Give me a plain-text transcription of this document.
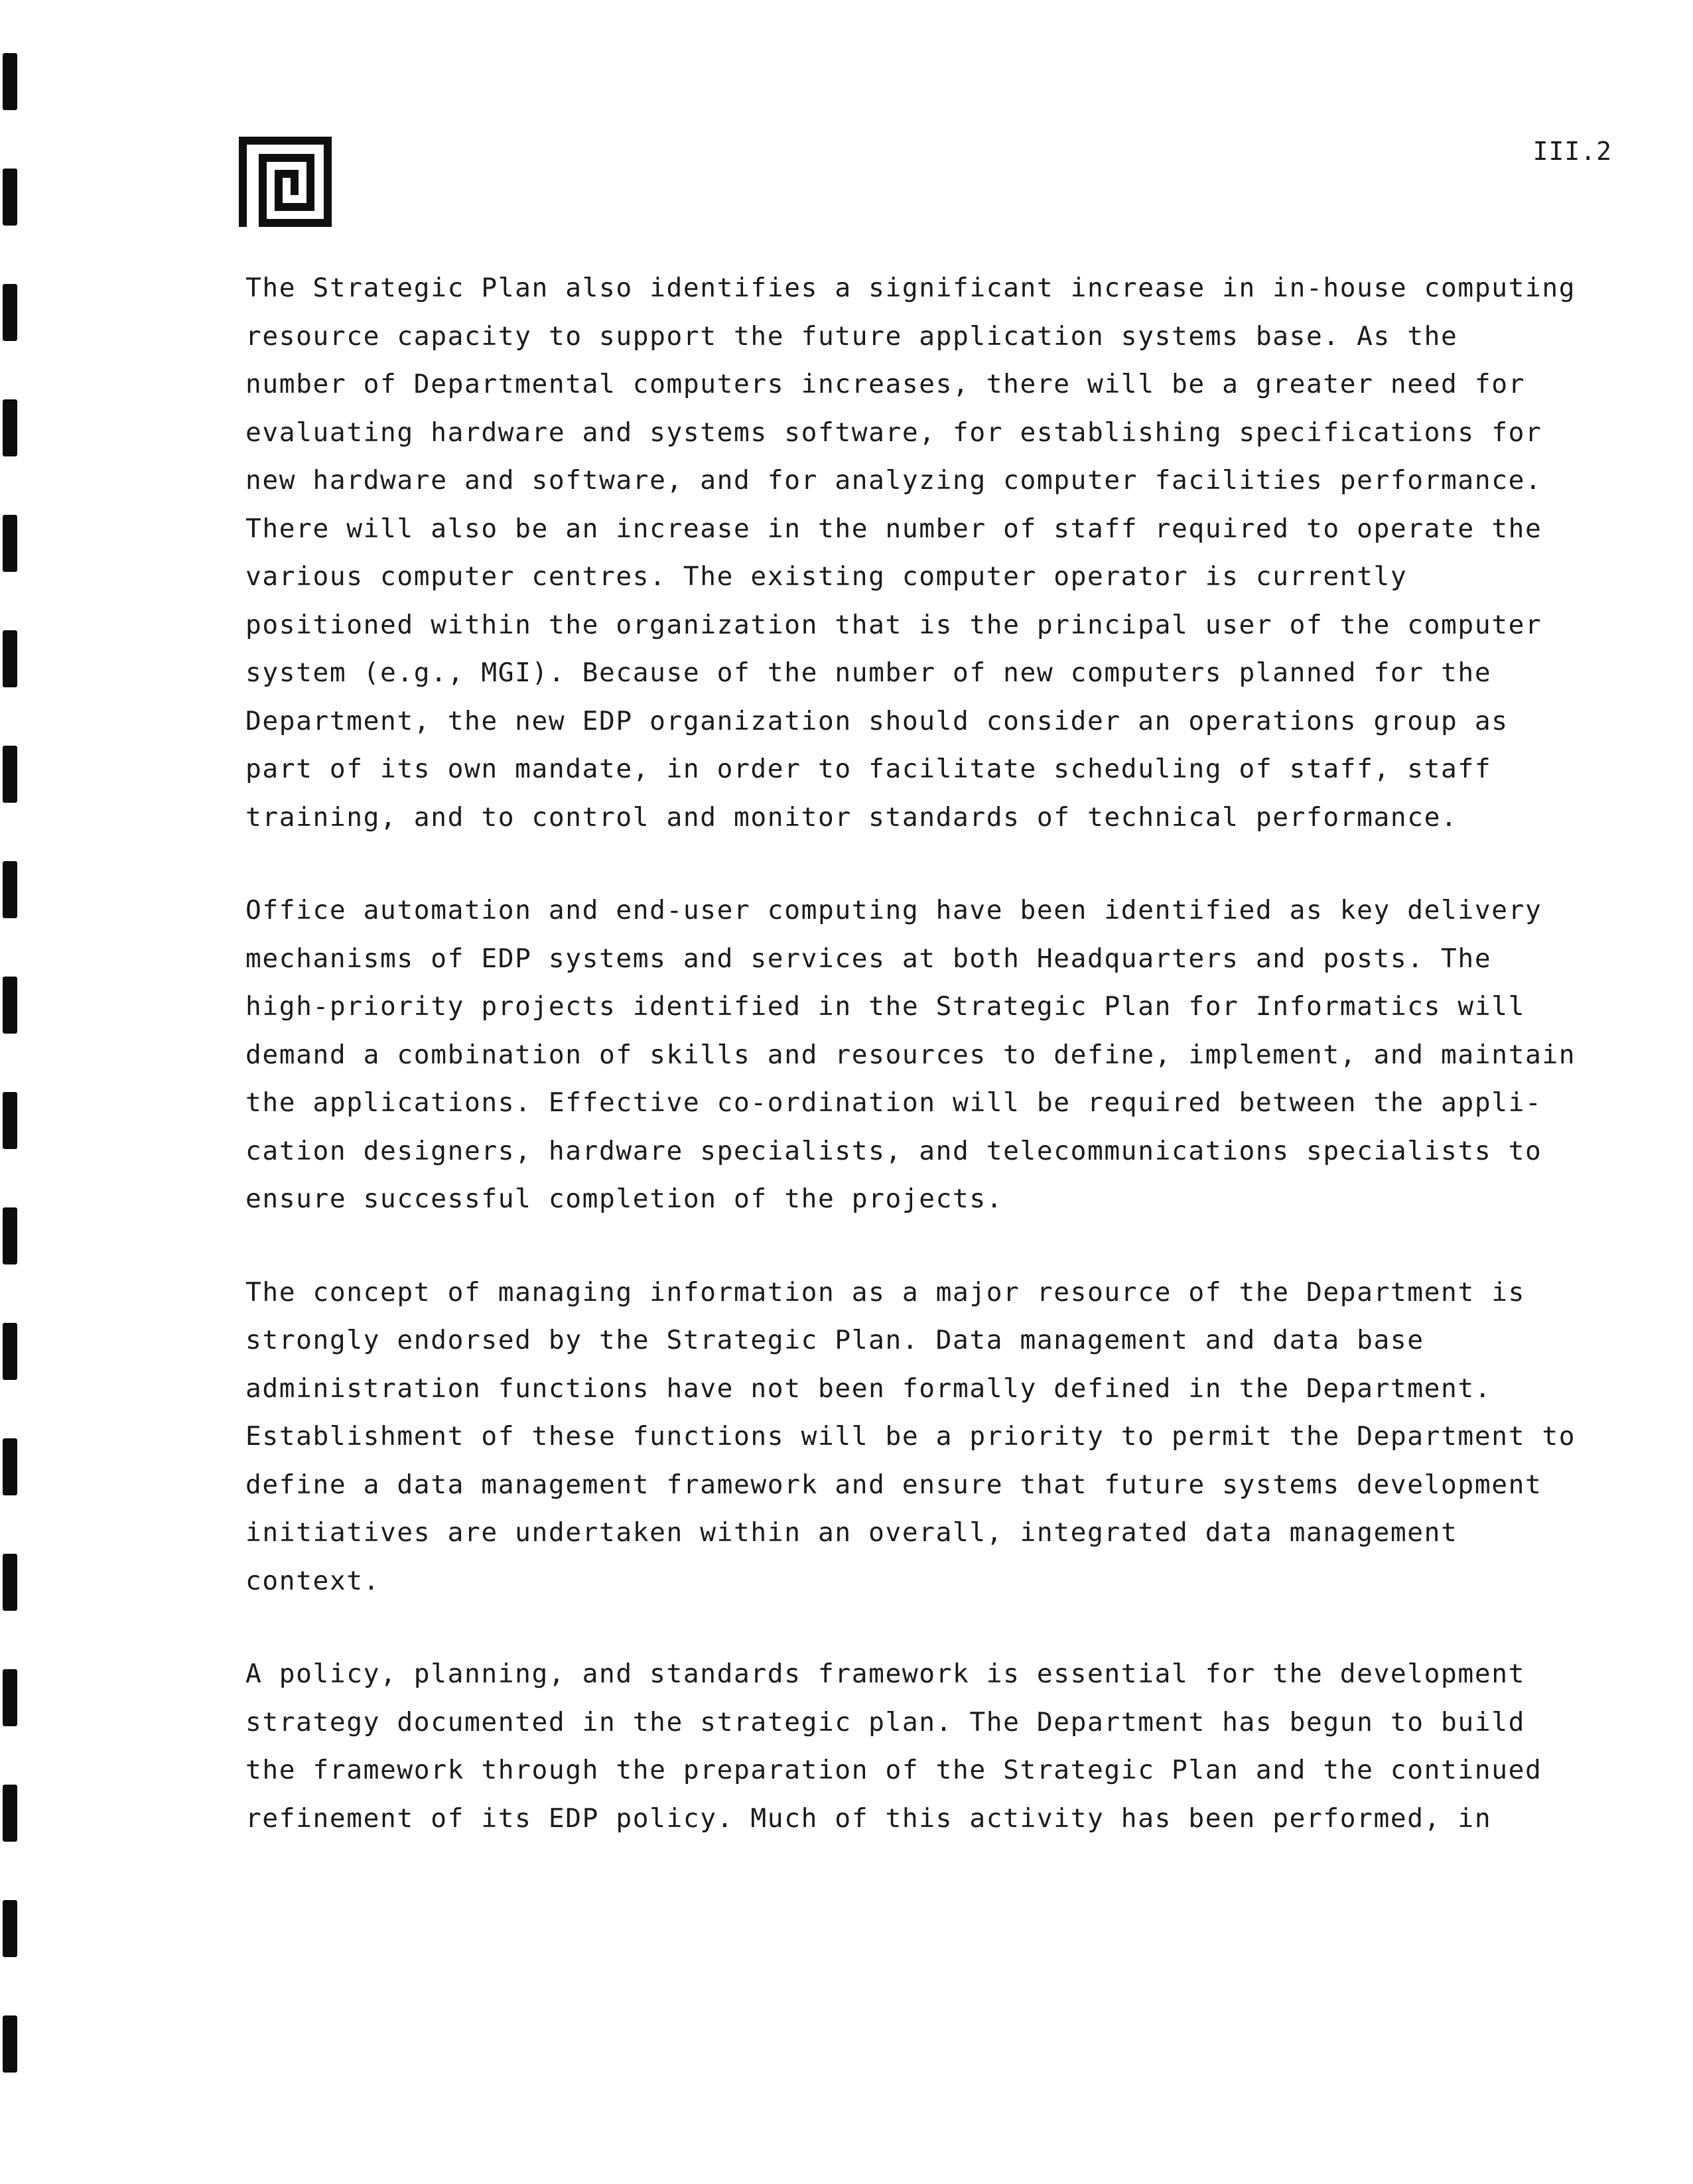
III.2

The Strategic Plan also identifies a significant increase in in-house computing
resource capacity to support the future application systems base. As the
number of Departmental computers increases, there will be a greater need for
evaluating hardware and systems software, for establishing specifications for
new hardware and software, and for analyzing computer facilities performance.
There will also be an increase in the number of staff required to operate the
various computer centres. The existing computer operator is currently
positioned within the organization that is the principal user of the computer
system (e.g., MGI). Because of the number of new computers planned for the
Department, the new EDP organization should consider an operations group as
part of its own mandate, in order to facilitate scheduling of staff, staff
training, and to control and monitor standards of technical performance.

Office automation and end-user computing have been identified as key delivery
mechanisms of EDP systems and services at both Headquarters and posts. The
high-priority projects identified in the Strategic Plan for Informatics will
demand a combination of skills and resources to define, implement, and maintain
the applications. Effective co-ordination will be required between the appli-
cation designers, hardware specialists, and telecommunications specialists to
ensure successful completion of the projects.

The concept of managing information as a major resource of the Department is
strongly endorsed by the Strategic Plan. Data management and data base
administration functions have not been formally defined in the Department.
Establishment of these functions will be a priority to permit the Department to
define a data management framework and ensure that future systems development
initiatives are undertaken within an overall, integrated data management
context.

A policy, planning, and standards framework is essential for the development
strategy documented in the strategic plan. The Department has begun to build
the framework through the preparation of the Strategic Plan and the continued
refinement of its EDP policy. Much of this activity has been performed, in
